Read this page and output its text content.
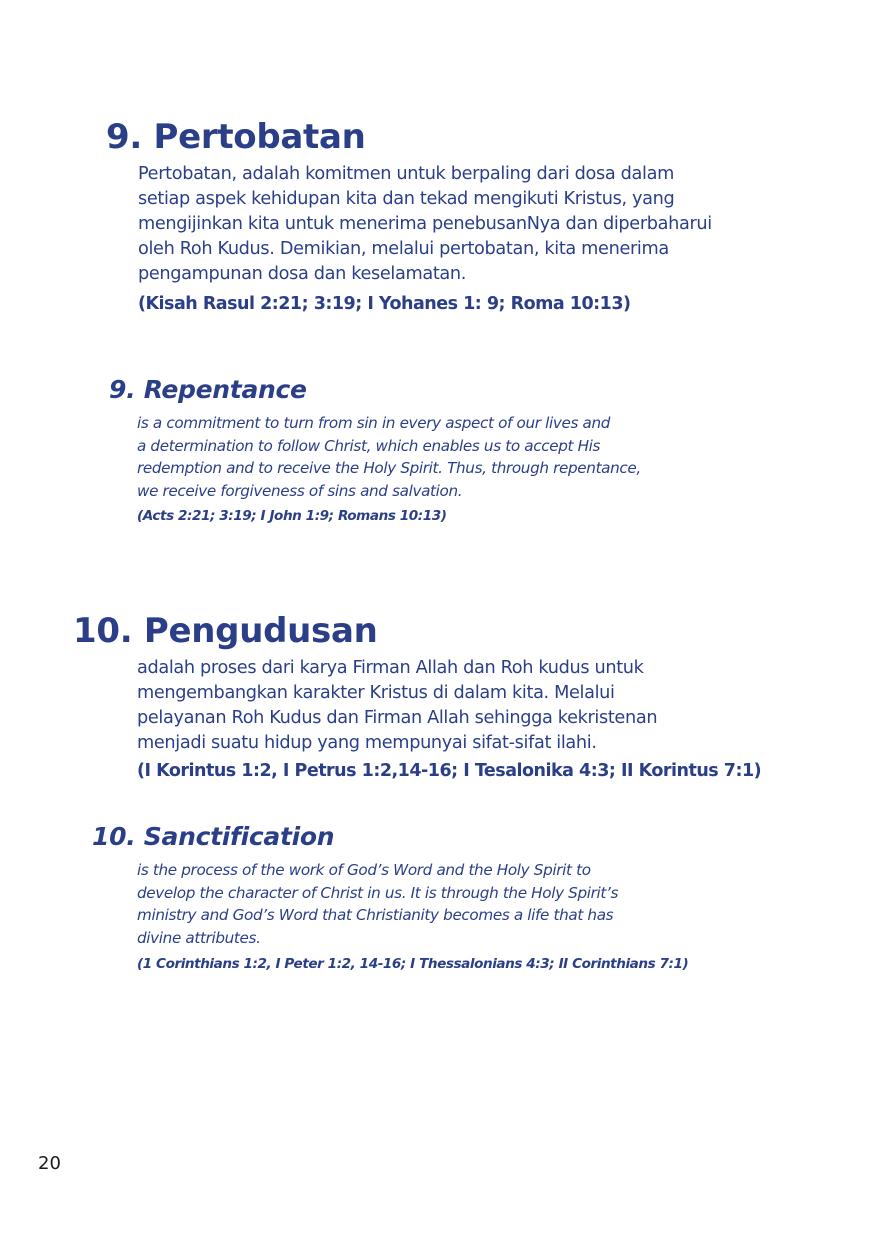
9. Pertobatan
Pertobatan, adalah komitmen untuk berpaling dari dosa dalam
setiap aspek kehidupan kita dan tekad mengikuti Kristus, yang
mengijinkan kita untuk menerima penebusanNya dan diperbaharui
oleh Roh Kudus. Demikian, melalui pertobatan, kita menerima
pengampunan dosa dan keselamatan.

(Kisah Rasul 2:21; 3:19; I Yohanes 1: 9; Roma 10:13)

9. Repentance
is a commitment to turn from sin in every aspect of our lives and
a determination to follow Christ, which enables us to accept His
redemption and to receive the Holy Spirit. Thus, through repentance,
we receive forgiveness of sins and salvation.

(Acts 2:21; 3:19; I John 1:9; Romans 10:13)

10. Pengudusan
adalah proses dari karya Firman Allah dan Roh kudus untuk
mengembangkan karakter Kristus di dalam kita. Melalui
pelayanan Roh Kudus dan Firman Allah sehingga kekristenan
menjadi suatu hidup yang mempunyai sifat-sifat ilahi.

(I Korintus 1:2, I Petrus 1:2,14-16; I Tesalonika 4:3; II Korintus 7:1)

10. Sanctification
is the process of the work of God’s Word and the Holy Spirit to
develop the character of Christ in us. It is through the Holy Spirit’s
ministry and God’s Word that Christianity becomes a life that has
divine attributes.

(1 Corinthians 1:2, I Peter 1:2, 14-16; I Thessalonians 4:3; II Corinthians 7:1)

20
